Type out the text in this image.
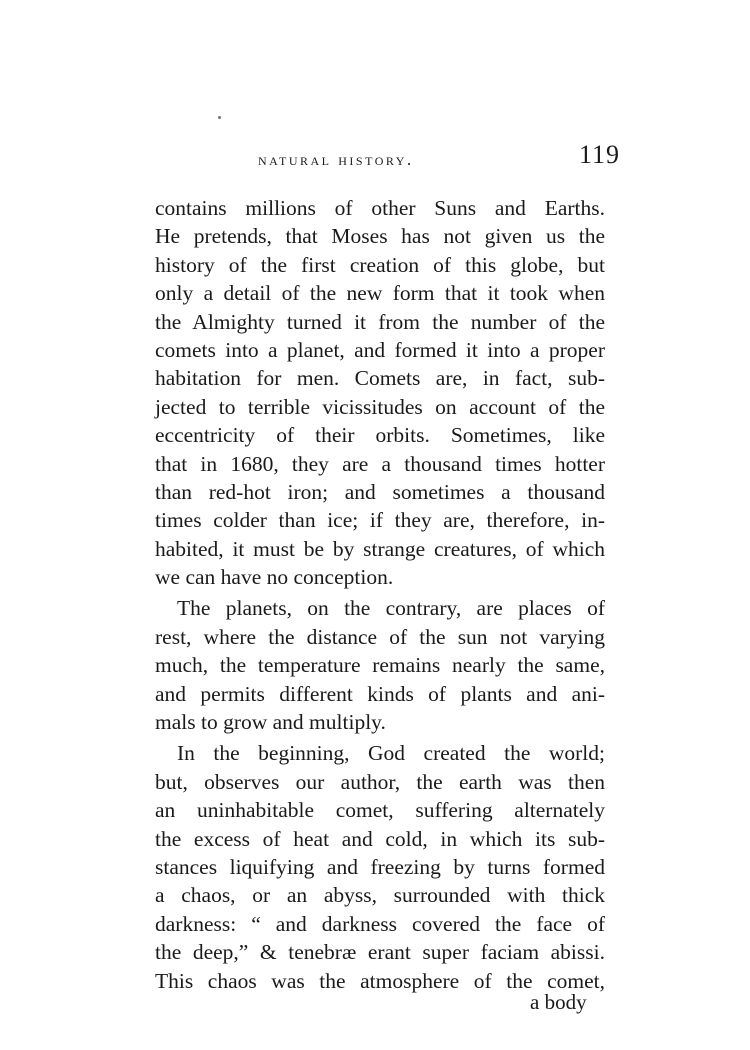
natural history.	119
contains millions of other Suns and Earths.
He pretends, that Moses has not given us the
history of the first creation of this globe, but
only a detail of the new form that it took when
the Almighty turned it from the number of the
comets into a planet, and formed it into a proper
habitation for men. Comets are, in fact, sub-
jected to terrible vicissitudes on account of the
eccentricity of their orbits. Sometimes, like
that in 1680, they are a thousand times hotter
than red-hot iron; and sometimes a thousand
times colder than ice; if they are, therefore, in-
habited, it must be by strange creatures, of which
we can have no conception.
The planets, on the contrary, are places of
rest, where the distance of the sun not varying
much, the temperature remains nearly the same,
and permits different kinds of plants and ani-
mals to grow and multiply.
In the beginning, God created the world;
but, observes our author, the earth was then
an uninhabitable comet, suffering alternately
the excess of heat and cold, in which its sub-
stances liquifying and freezing by turns formed
a chaos, or an abyss, surrounded with thick
darkness: “ and darkness covered the face of
the deep,” & tenebræ erant super faciam abissi.
This chaos was the atmosphere of the comet,
a body
